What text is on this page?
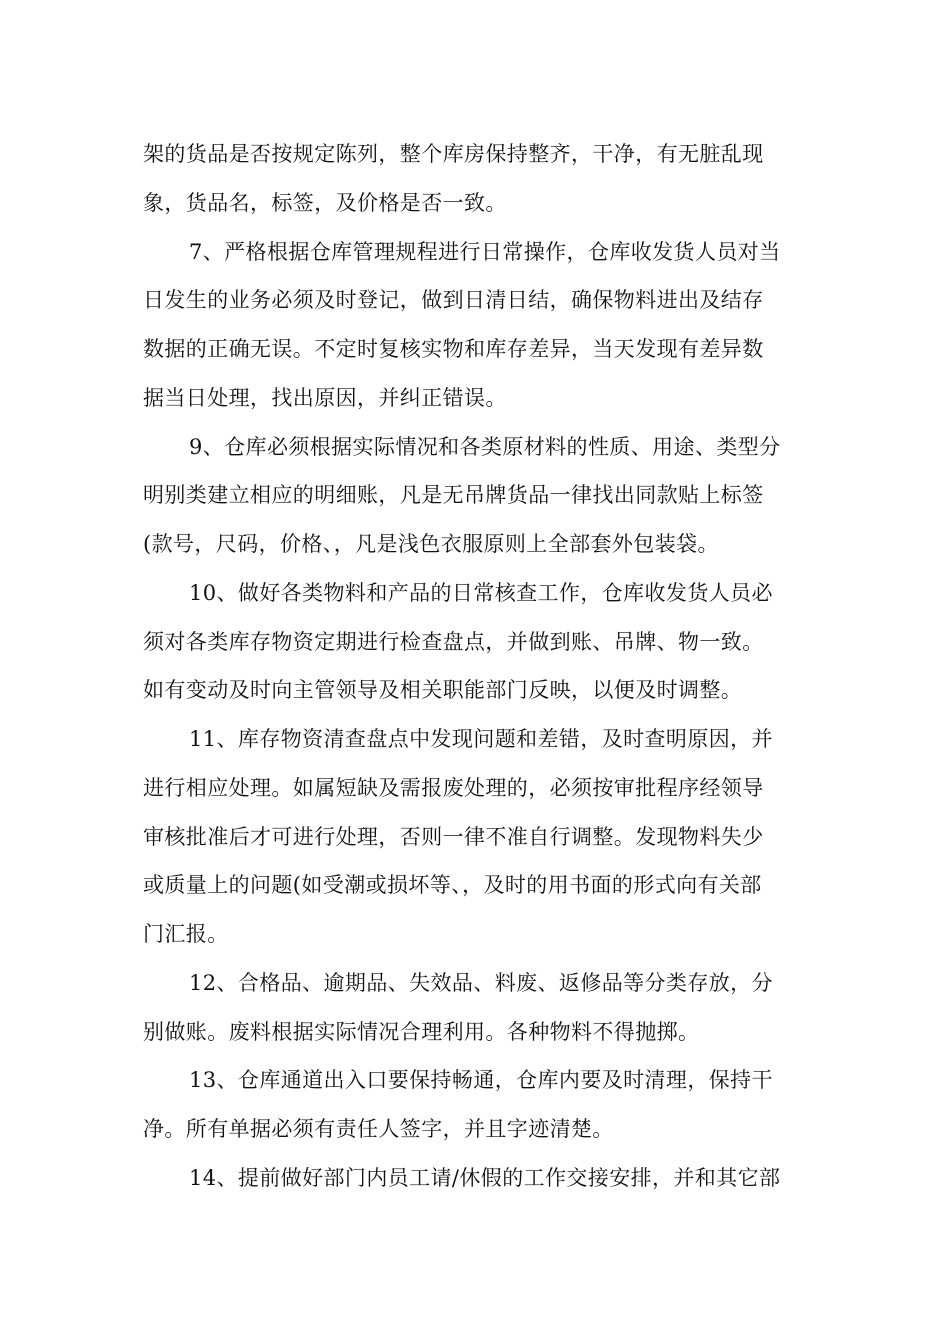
架的货品是否按规定陈列，整个库房保持整齐，干净，有无脏乱现
象，货品名，标签，及价格是否一致。
7、严格根据仓库管理规程进行日常操作，仓库收发货人员对当
日发生的业务必须及时登记，做到日清日结，确保物料进出及结存
数据的正确无误。不定时复核实物和库存差异，当天发现有差异数
据当日处理，找出原因，并纠正错误。
9、仓库必须根据实际情况和各类原材料的性质、用途、类型分
明别类建立相应的明细账，凡是无吊牌货品一律找出同款贴上标签
(款号，尺码，价格、，凡是浅色衣服原则上全部套外包装袋。
10、做好各类物料和产品的日常核查工作，仓库收发货人员必
须对各类库存物资定期进行检查盘点，并做到账、吊牌、物一致。
如有变动及时向主管领导及相关职能部门反映，以便及时调整。
11、库存物资清查盘点中发现问题和差错，及时查明原因，并
进行相应处理。如属短缺及需报废处理的，必须按审批程序经领导
审核批准后才可进行处理，否则一律不准自行调整。发现物料失少
或质量上的问题(如受潮或损坏等、，及时的用书面的形式向有关部
门汇报。
12、合格品、逾期品、失效品、料废、返修品等分类存放，分
别做账。废料根据实际情况合理利用。各种物料不得抛掷。
13、仓库通道出入口要保持畅通，仓库内要及时清理，保持干
净。所有单据必须有责任人签字，并且字迹清楚。
14、提前做好部门内员工请/休假的工作交接安排，并和其它部
